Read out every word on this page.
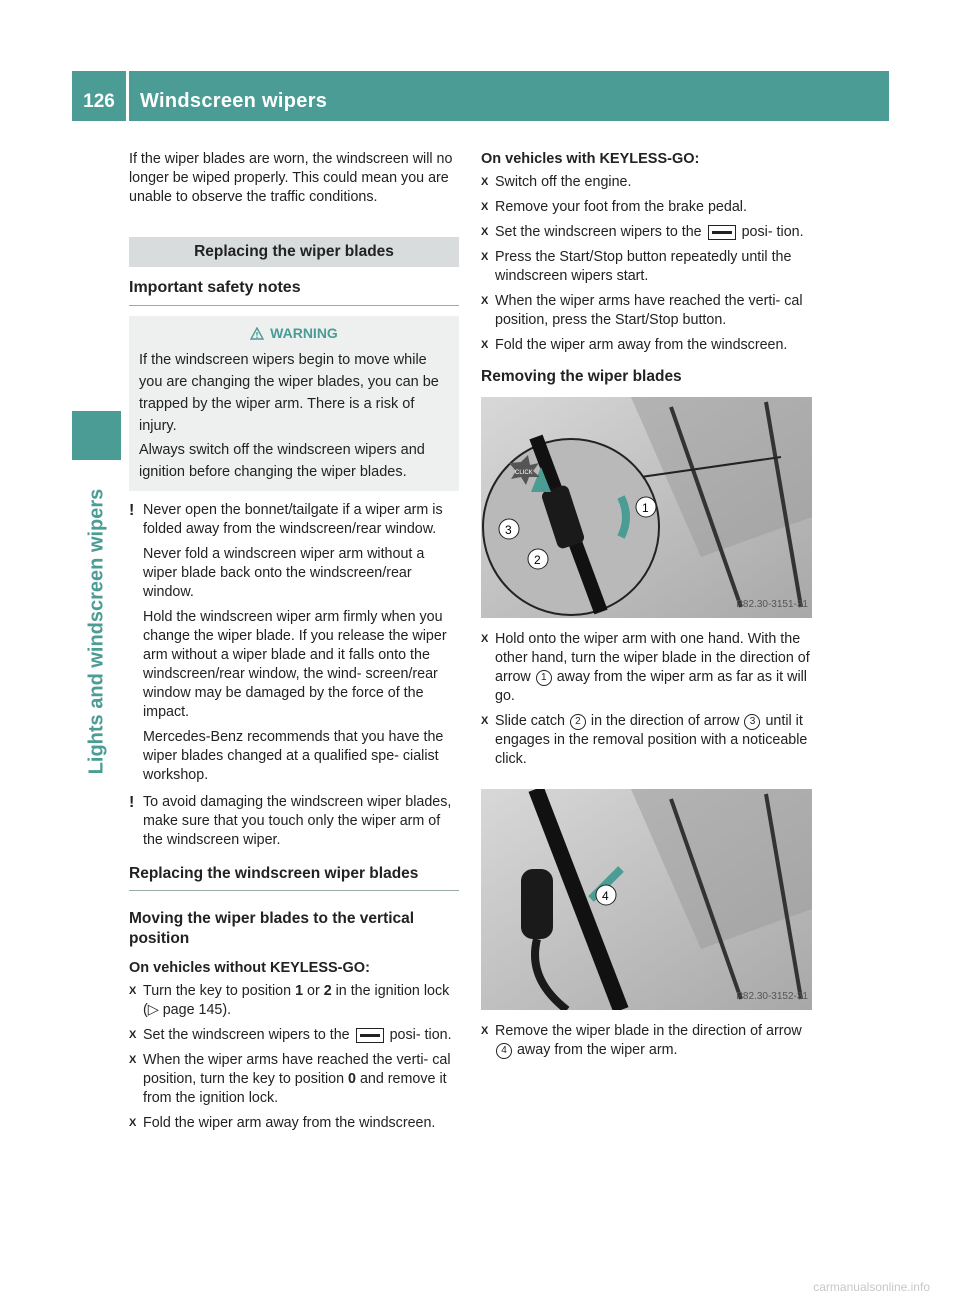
126	Windscreen wipers
Lights and windscreen wipers

If the wiper blades are worn, the windscreen will no longer be wiped properly. This could mean you are unable to observe the traffic conditions.

Replacing the wiper blades
Important safety notes
WARNING
If the windscreen wipers begin to move while you are changing the wiper blades, you can be trapped by the wiper arm. There is a risk of injury.
Always switch off the windscreen wipers and ignition before changing the wiper blades.
! Never open the bonnet/tailgate if a wiper arm is folded away from the windscreen/rear window.

Never fold a windscreen wiper arm without a wiper blade back onto the windscreen/rear window.

Hold the windscreen wiper arm firmly when you change the wiper blade. If you release the wiper arm without a wiper blade and it falls onto the windscreen/rear window, the wind- screen/rear window may be damaged by the force of the impact.

Mercedes-Benz recommends that you have the wiper blades changed at a qualified spe- cialist workshop.

! To avoid damaging the windscreen wiper blades, make sure that you touch only the wiper arm of the windscreen wiper.

Replacing the windscreen wiper blades
Moving the wiper blades to the vertical position
On vehicles without KEYLESS-GO:
X Turn the key to position 1 or 2 in the ignition lock (▷ page 145).
X Set the windscreen wipers to the	posi- tion.
X When the wiper arms have reached the verti- cal position, turn the key to position 0 and remove it from the ignition lock.
X Fold the wiper arm away from the windscreen.
On vehicles with KEYLESS-GO:
X Switch off the engine.
X Remove your foot from the brake pedal.
X Set the windscreen wipers to the	posi- tion.
X Press the Start/Stop button repeatedly until the windscreen wipers start.
X When the wiper arms have reached the verti- cal position, press the Start/Stop button.
X Fold the wiper arm away from the windscreen.
Removing the wiper blades
3
2
1
CLICK
P82.30-3151-31
X Hold onto the wiper arm with one hand. With the other hand, turn the wiper blade in the direction of arrow 1 away from the wiper arm as far as it will go.
X Slide catch 2 in the direction of arrow 3 until it engages in the removal position with a noticeable click.
4
P82.30-3152-31
X Remove the wiper blade in the direction of arrow 4 away from the wiper arm.
carmanualsonline.info
